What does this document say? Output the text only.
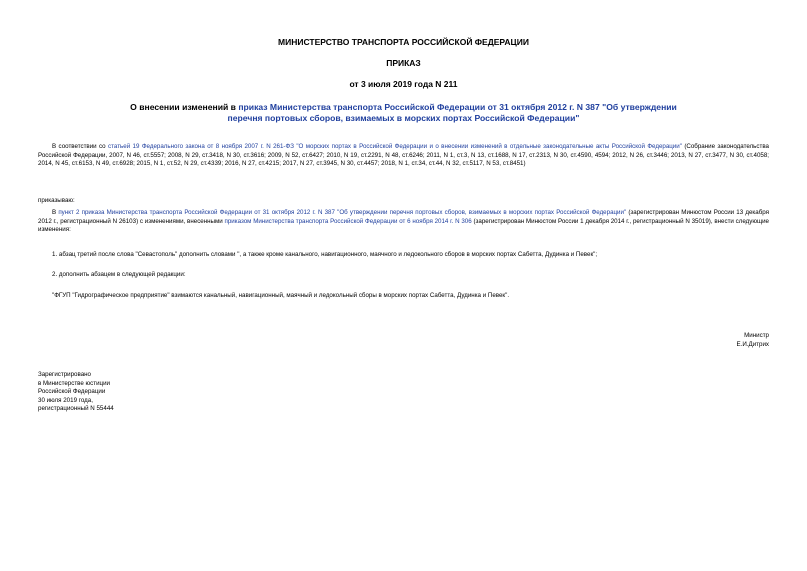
МИНИСТЕРСТВО ТРАНСПОРТА РОССИЙСКОЙ ФЕДЕРАЦИИ
ПРИКАЗ
от 3 июля 2019 года N 211
О внесении изменений в приказ Министерства транспорта Российской Федерации от 31 октября 2012 г. N 387 "Об утверждении перечня портовых сборов, взимаемых в морских портах Российской Федерации"
В соответствии со статьей 19 Федерального закона от 8 ноября 2007 г. N 261-ФЗ "О морских портах в Российской Федерации и о внесении изменений в отдельные законодательные акты Российской Федерации" (Собрание законодательства Российской Федерации, 2007, N 46, ст.5557; 2008, N 29, ст.3418, N 30, ст.3616; 2009, N 52, ст.6427; 2010, N 19, ст.2291, N 48, ст.6246; 2011, N 1, ст.3, N 13, ст.1688, N 17, ст.2313, N 30, ст.4590, 4594; 2012, N 26, ст.3446; 2013, N 27, ст.3477, N 30, ст.4058; 2014, N 45, ст.6153, N 49, ст.6928; 2015, N 1, ст.52, N 29, ст.4339; 2016, N 27, ст.4215; 2017, N 27, ст.3945, N 30, ст.4457; 2018, N 1, ст.34, ст.44, N 32, ст.5117, N 53, ст.8451)
приказываю:
В пункт 2 приказа Министерства транспорта Российской Федерации от 31 октября 2012 г. N 387 "Об утверждении перечня портовых сборов, взимаемых в морских портах Российской Федерации" (зарегистрирован Минюстом России 13 декабря 2012 г., регистрационный N 26103) с изменениями, внесенными приказом Министерства транспорта Российской Федерации от 6 ноября 2014 г. N 306 (зарегистрирован Минюстом России 1 декабря 2014 г., регистрационный N 35019), внести следующие изменения:
1. абзац третий после слова "Севастополь" дополнить словами ", а также кроме канального, навигационного, маячного и ледокольного сборов в морских портах Сабетта, Дудинка и Певек";
2. дополнить абзацем в следующей редакции:
"ФГУП "Гидрографическое предприятие" взимаются канальный, навигационный, маячный и ледокольный сборы в морских портах Сабетта, Дудинка и Певек".
Министр
Е.И.Дитрих
Зарегистрировано
в Министерстве юстиции
Российской Федерации
30 июля 2019 года,
регистрационный N 55444
